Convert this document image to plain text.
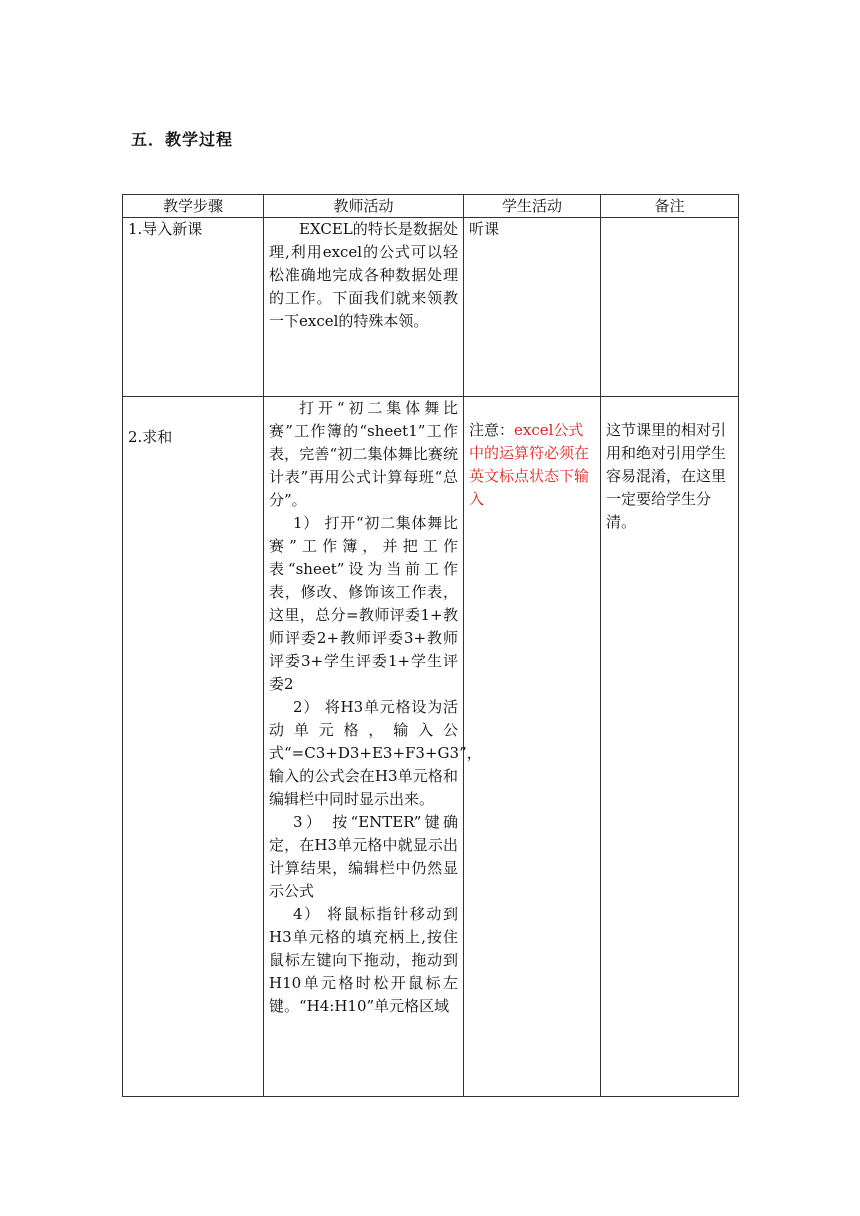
五．教学过程
教学步骤	教师活动	学生活动	备注
1.导入新课	EXCEL的特长是数据处理,利用excel的公式可以轻松准确地完成各种数据处理的工作。下面我们就来领教一下excel的特殊本领。	听课	

2.求和	打开“初二集体舞比赛”工作簿的“sheet1”工作表，完善“初二集体舞比赛统计表”再用公式计算每班“总分”。
1） 打开“初二集体舞比赛”工作簿，并把工作表“sheet”设为当前工作表，修改、修饰该工作表，这里，总分=教师评委1+教师评委2+教师评委3+教师评委3+学生评委1+学生评委2
2） 将H3单元格设为活动单元格，输入公式“=C3+D3+E3+F3+G3”，输入的公式会在H3单元格和编辑栏中同时显示出来。
3） 按“ENTER”键确定，在H3单元格中就显示出计算结果，编辑栏中仍然显示公式
4） 将鼠标指针移动到H3单元格的填充柄上,按住鼠标左键向下拖动，拖动到H10单元格时松开鼠标左键。“H4:H10”单元格区域	注意：excel公式中的运算符必须在英文标点状态下输入	这节课里的相对引用和绝对引用学生容易混淆，在这里一定要给学生分清。
